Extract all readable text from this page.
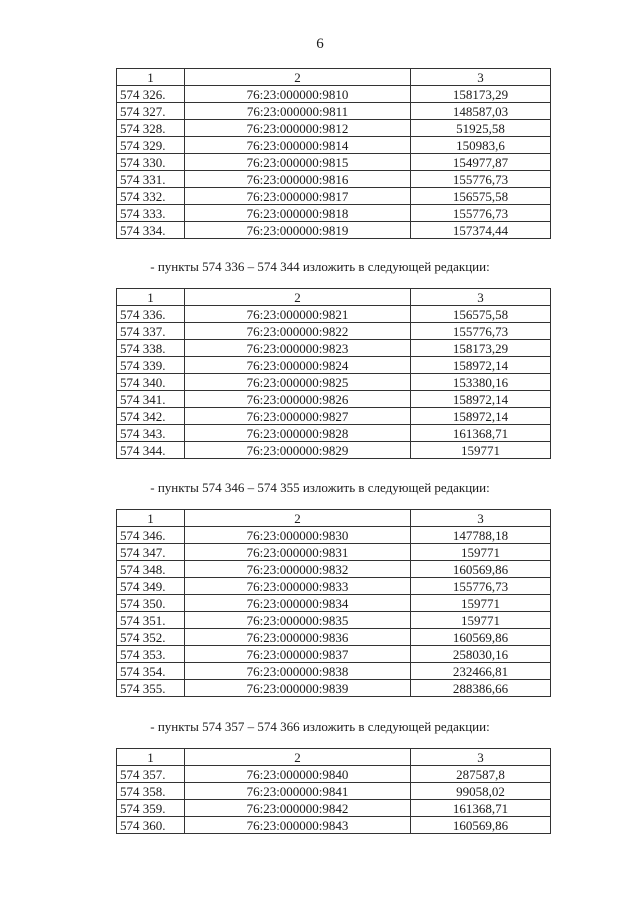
6
1	2	3
574 326.	76:23:000000:9810	158173,29
574 327.	76:23:000000:9811	148587,03
574 328.	76:23:000000:9812	51925,58
574 329.	76:23:000000:9814	150983,6
574 330.	76:23:000000:9815	154977,87
574 331.	76:23:000000:9816	155776,73
574 332.	76:23:000000:9817	156575,58
574 333.	76:23:000000:9818	155776,73
574 334.	76:23:000000:9819	157374,44
- пункты 574 336 – 574 344 изложить в следующей редакции:
1	2	3
574 336.	76:23:000000:9821	156575,58
574 337.	76:23:000000:9822	155776,73
574 338.	76:23:000000:9823	158173,29
574 339.	76:23:000000:9824	158972,14
574 340.	76:23:000000:9825	153380,16
574 341.	76:23:000000:9826	158972,14
574 342.	76:23:000000:9827	158972,14
574 343.	76:23:000000:9828	161368,71
574 344.	76:23:000000:9829	159771
- пункты 574 346 – 574 355 изложить в следующей редакции:
1	2	3
574 346.	76:23:000000:9830	147788,18
574 347.	76:23:000000:9831	159771
574 348.	76:23:000000:9832	160569,86
574 349.	76:23:000000:9833	155776,73
574 350.	76:23:000000:9834	159771
574 351.	76:23:000000:9835	159771
574 352.	76:23:000000:9836	160569,86
574 353.	76:23:000000:9837	258030,16
574 354.	76:23:000000:9838	232466,81
574 355.	76:23:000000:9839	288386,66
- пункты 574 357 – 574 366 изложить в следующей редакции:
1	2	3
574 357.	76:23:000000:9840	287587,8
574 358.	76:23:000000:9841	99058,02
574 359.	76:23:000000:9842	161368,71
574 360.	76:23:000000:9843	160569,86
